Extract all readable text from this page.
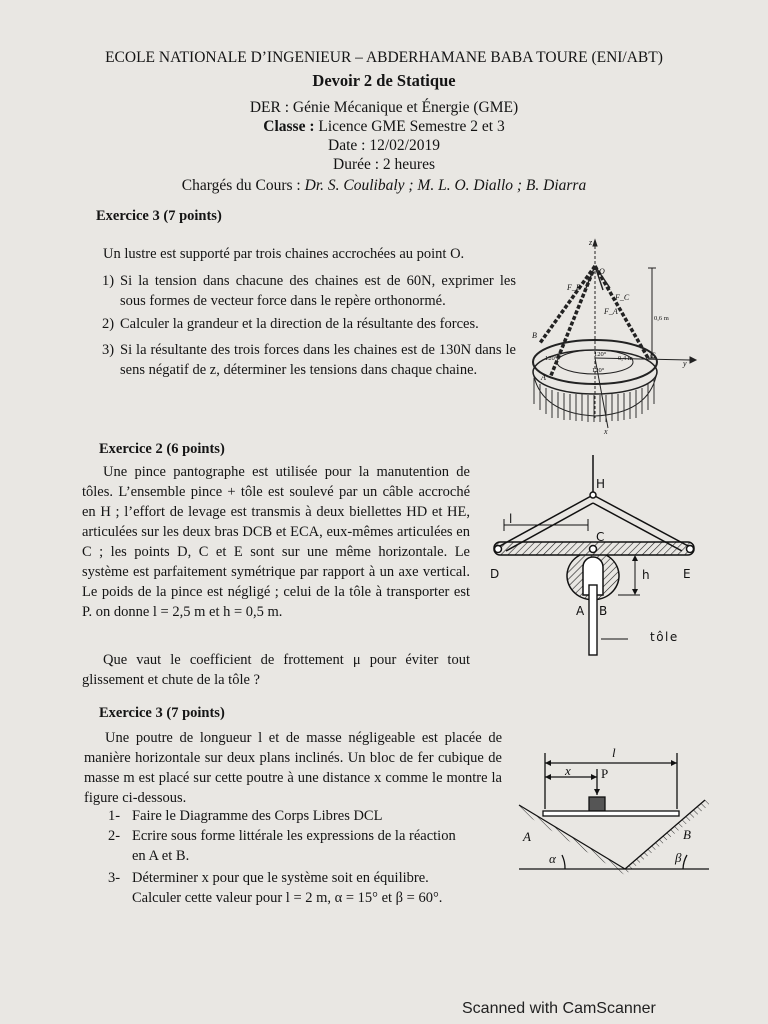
ECOLE NATIONALE D’INGENIEUR – ABDERHAMANE BABA TOURE (ENI/ABT)
Devoir 2 de Statique
DER : Génie Mécanique et Énergie (GME)
Classe : Licence GME Semestre 2 et 3
Date : 12/02/2019
Durée : 2 heures
Chargés du Cours : Dr. S. Coulibaly ; M. L. O. Diallo ; B. Diarra
Exercice 3 (7 points)
Un lustre est supporté par trois chaines accrochées au point O.
1) Si la tension dans chacune des chaines est de 60N, exprimer les sous formes de vecteur force dans le repère orthonormé.
2) Calculer la grandeur et la direction de la résultante des forces.
3) Si la résultante des trois forces dans les chaines est de 130N dans le sens négatif de z, déterminer les tensions dans chaque chaine.
z
O
F_B
F_C
F_A
0,6 m
B
C
A
y
x
120°
120°
120°
0,4 m
Exercice 2 (6 points)

Une pince pantographe est utilisée pour la manutention de tôles. L’ensemble pince + tôle est soulevé par un câble accroché en H ; l’effort de levage est transmis à deux biellettes HD et HE, articulées sur les deux bras DCB et ECA, eux-mêmes articulées en C ; les points D, C et E sont sur une même horizontale. Le système est parfaitement symétrique par rapport à un axe vertical. Le poids de la pince est négligé ; celui de la tôle à transporter est P. on donne l = 2,5 m et h = 0,5 m.

Que vaut le coefficient de frottement μ pour éviter tout glissement et chute de la tôle ?

H
l
C
D	E
h
A B
tôle
Exercice 3 (7 points)

Une poutre de longueur l et de masse négligeable est placée de manière horizontale sur deux plans inclinés. Un bloc de fer cubique de masse m est placé sur cette poutre à une distance x comme le montre la figure ci-dessous.

1- Faire le Diagramme des Corps Libres DCL
2- Ecrire sous forme littérale les expressions de la réaction
en A et B.
3- Déterminer x pour que le système soit en équilibre.
Calculer cette valeur pour l = 2 m, α = 15° et β = 60°.
l
x P
A	B
α	β
Scanned with CamScanner
